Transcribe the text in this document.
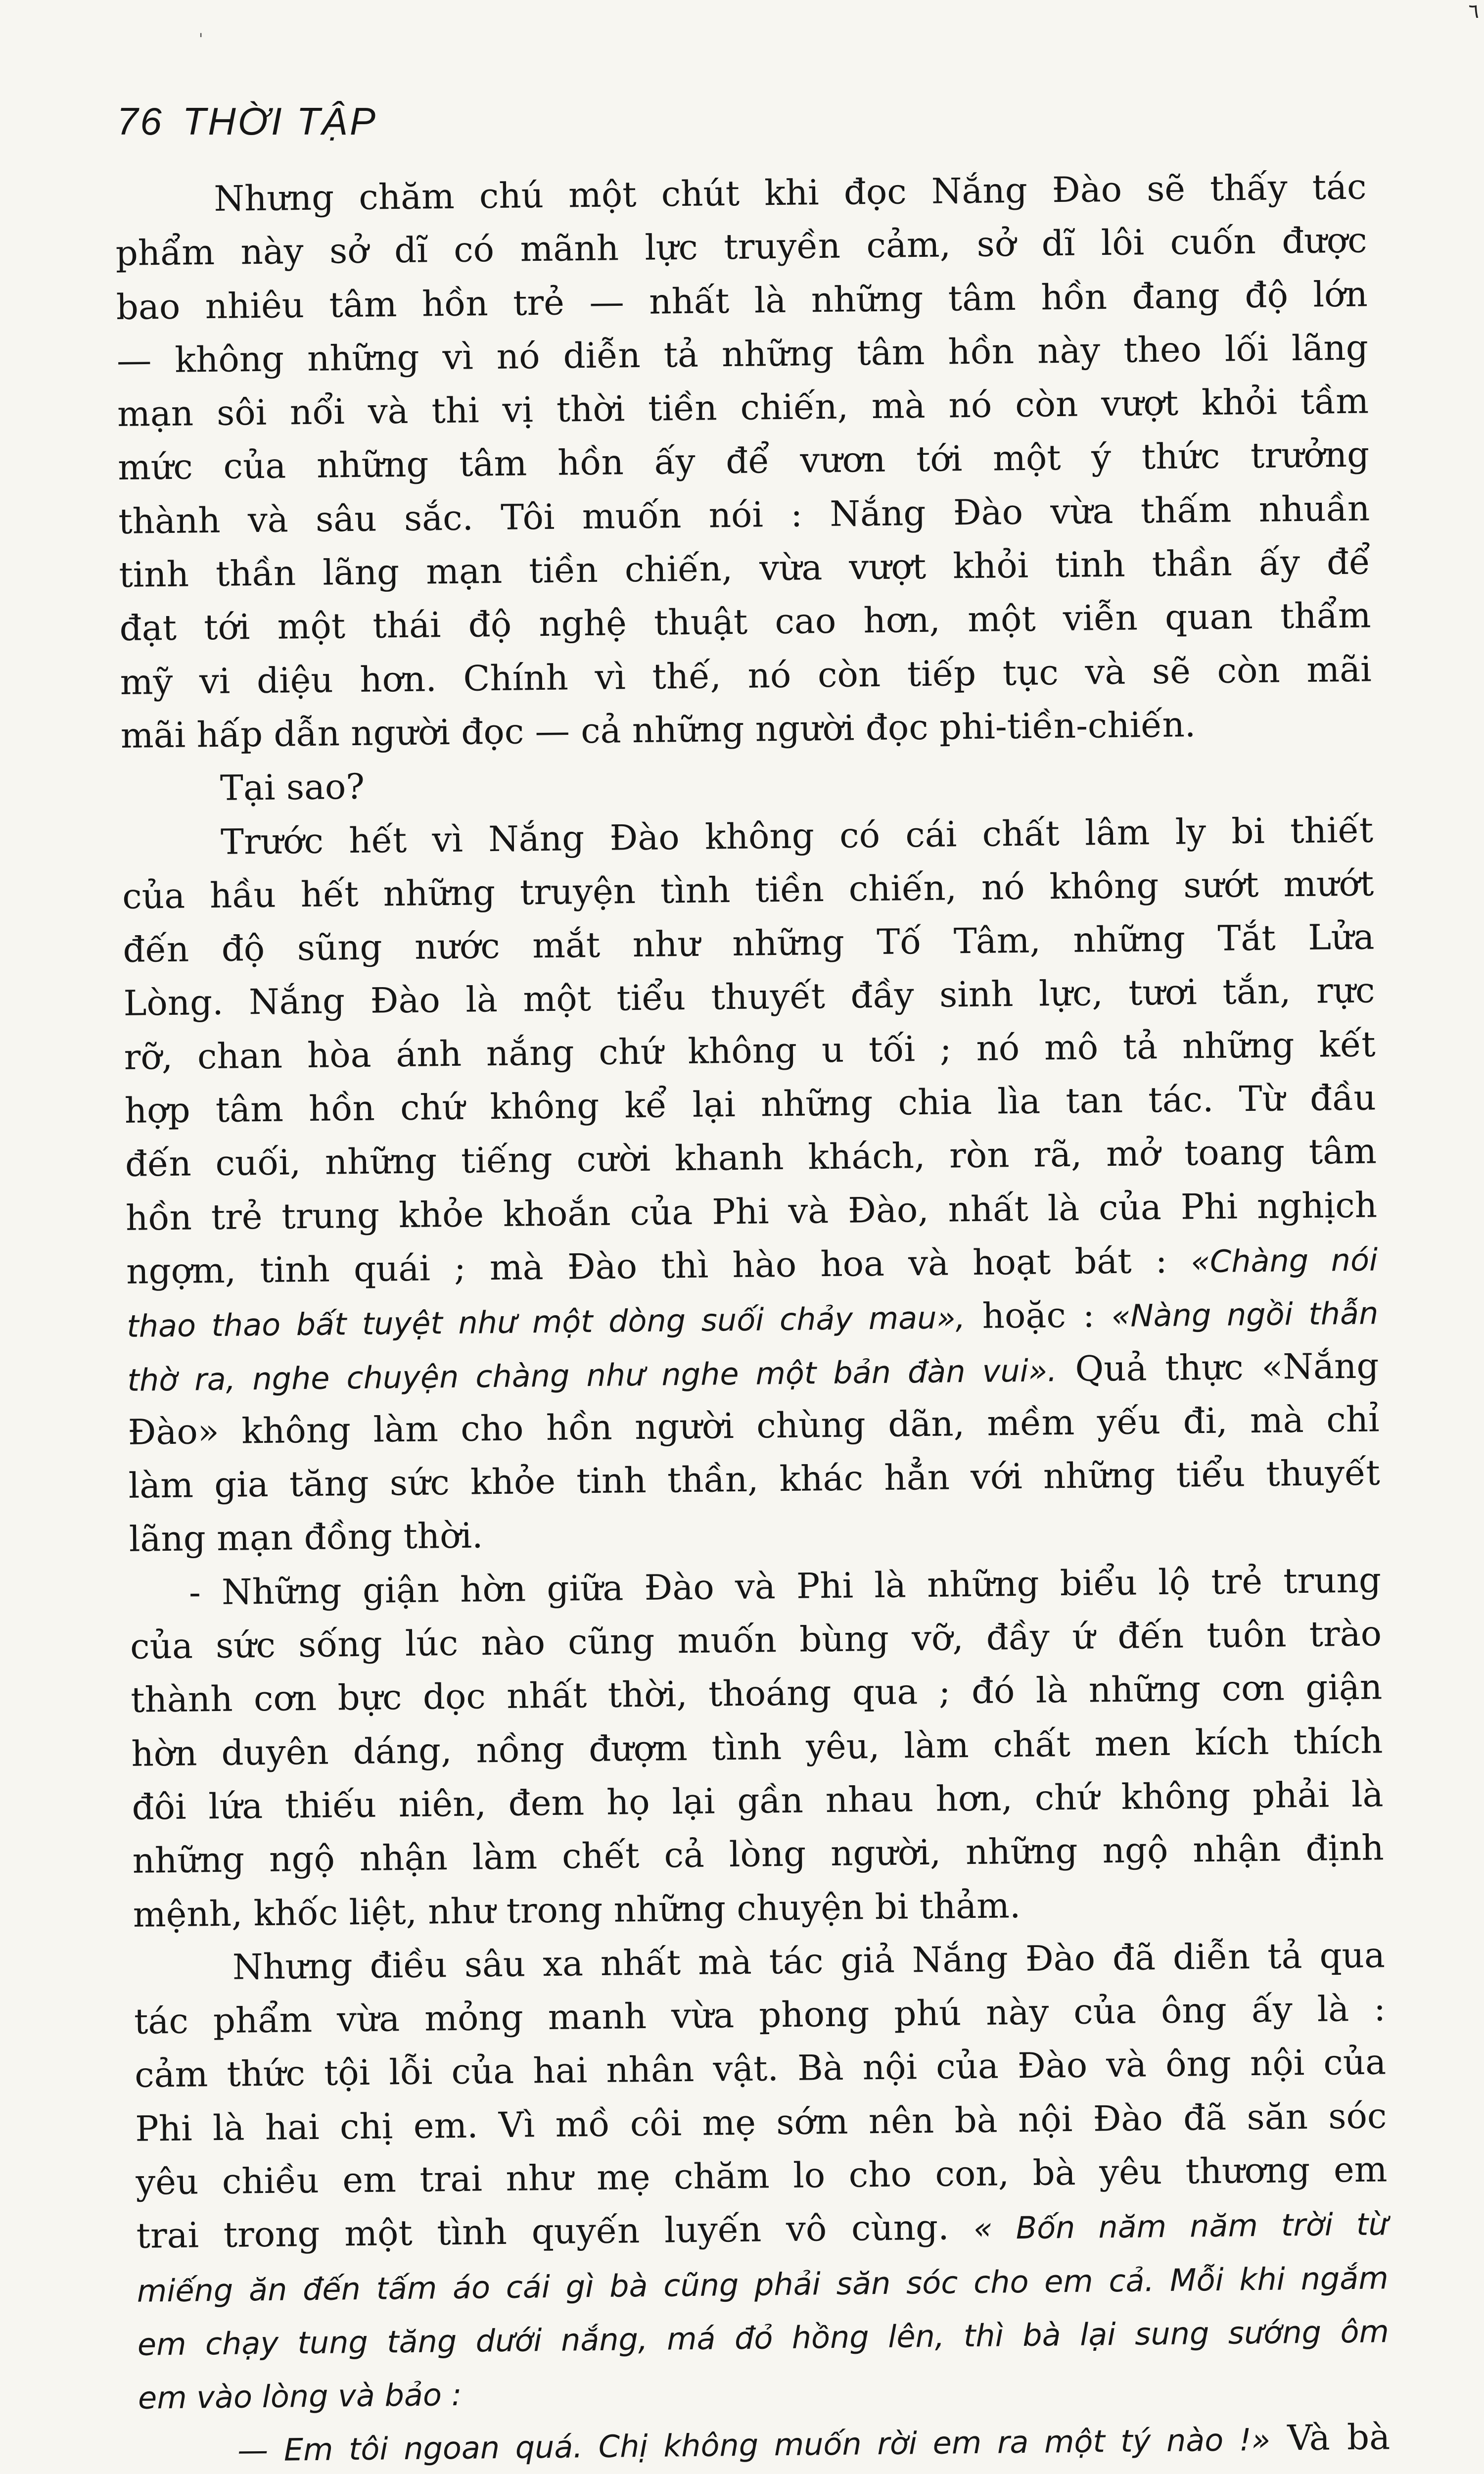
٦
'
76 THỜI TẬP
Nhưng chăm chú một chút khi đọc Nắng Đào sẽ thấy tác
phẩm này sở dĩ có mãnh lực truyền cảm, sở dĩ lôi cuốn được
bao nhiêu tâm hồn trẻ — nhất là những tâm hồn đang độ lớn
— không những vì nó diễn tả những tâm hồn này theo lối lãng
mạn sôi nổi và thi vị thời tiền chiến, mà nó còn vượt khỏi tầm
mức của những tâm hồn ấy để vươn tới một ý thức trưởng
thành và sâu sắc. Tôi muốn nói : Nắng Đào vừa thấm nhuần
tinh thần lãng mạn tiền chiến, vừa vượt khỏi tinh thần ấy để
đạt tới một thái độ nghệ thuật cao hơn, một viễn quan thẩm
mỹ vi diệu hơn. Chính vì thế, nó còn tiếp tục và sẽ còn mãi
mãi hấp dẫn người đọc — cả những người đọc phi-tiền-chiến.
Tại sao?
Trước hết vì Nắng Đào không có cái chất lâm ly bi thiết
của hầu hết những truyện tình tiền chiến, nó không sướt mướt
đến độ sũng nước mắt như những Tố Tâm, những Tắt Lửa
Lòng. Nắng Đào là một tiểu thuyết đầy sinh lực, tươi tắn, rực
rỡ, chan hòa ánh nắng chứ không u tối ; nó mô tả những kết
hợp tâm hồn chứ không kể lại những chia lìa tan tác. Từ đầu
đến cuối, những tiếng cười khanh khách, ròn rã, mở toang tâm
hồn trẻ trung khỏe khoắn của Phi và Đào, nhất là của Phi nghịch
ngợm, tinh quái ; mà Đào thì hào hoa và hoạt bát : «Chàng nói
thao thao bất tuyệt như một dòng suối chảy mau», hoặc : «Nàng ngồi thẫn
thờ ra, nghe chuyện chàng như nghe một bản đàn vui». Quả thực «Nắng
Đào» không làm cho hồn người chùng dãn, mềm yếu đi, mà chỉ
làm gia tăng sức khỏe tinh thần, khác hẳn với những tiểu thuyết
lãng mạn đồng thời.
- Những giận hờn giữa Đào và Phi là những biểu lộ trẻ trung
của sức sống lúc nào cũng muốn bùng vỡ, đầy ứ đến tuôn trào
thành cơn bực dọc nhất thời, thoáng qua ; đó là những cơn giận
hờn duyên dáng, nồng đượm tình yêu, làm chất men kích thích
đôi lứa thiếu niên, đem họ lại gần nhau hơn, chứ không phải là
những ngộ nhận làm chết cả lòng người, những ngộ nhận định
mệnh, khốc liệt, như trong những chuyện bi thảm.
Nhưng điều sâu xa nhất mà tác giả Nắng Đào đã diễn tả qua
tác phẩm vừa mỏng manh vừa phong phú này của ông ấy là :
cảm thức tội lỗi của hai nhân vật. Bà nội của Đào và ông nội của
Phi là hai chị em. Vì mồ côi mẹ sớm nên bà nội Đào đã săn sóc
yêu chiều em trai như mẹ chăm lo cho con, bà yêu thương em
trai trong một tình quyến luyến vô cùng. « Bốn năm năm trời từ
miếng ăn đến tấm áo cái gì bà cũng phải săn sóc cho em cả. Mỗi khi ngắm
em chạy tung tăng dưới nắng, má đỏ hồng lên, thì bà lại sung sướng ôm
em vào lòng và bảo :
— Em tôi ngoan quá. Chị không muốn rời em ra một tý nào !» Và bà
